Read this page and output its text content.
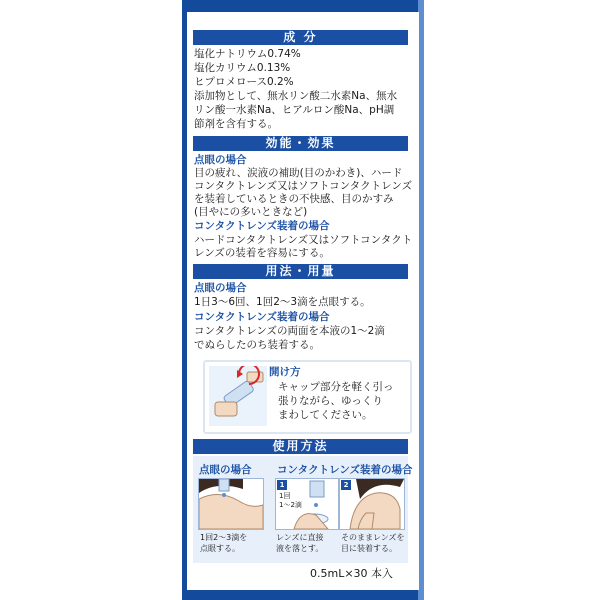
成 分
塩化ナトリウム0.74%
塩化カリウム0.13%
ヒプロメロース0.2%
添加物として、無水リン酸二水素Na、無水
リン酸一水素Na、ヒアルロン酸Na、pH調
節剤を含有する。
効能・効果
点眼の場合
目の疲れ、涙液の補助(目のかわき)、ハード
コンタクトレンズ又はソフトコンタクトレンズ
を装着しているときの不快感、目のかすみ
(目やにの多いときなど)
コンタクトレンズ装着の場合
ハードコンタクトレンズ又はソフトコンタクト
レンズの装着を容易にする。
用法・用量
点眼の場合
1日3〜6回、1回2〜3滴を点眼する。
コンタクトレンズ装着の場合
コンタクトレンズの両面を本液の1〜2滴
でぬらしたのち装着する。
開け方
キャップ部分を軽く引っ
張りながら、ゆっくり
まわしてください。
使用方法
点眼の場合
1回2〜3滴を
点眼する。
コンタクトレンズ装着の場合
1
1回
1〜2滴
レンズに直接
液を落とす。
2
そのままレンズを
目に装着する。
0.5mL×30 本入
